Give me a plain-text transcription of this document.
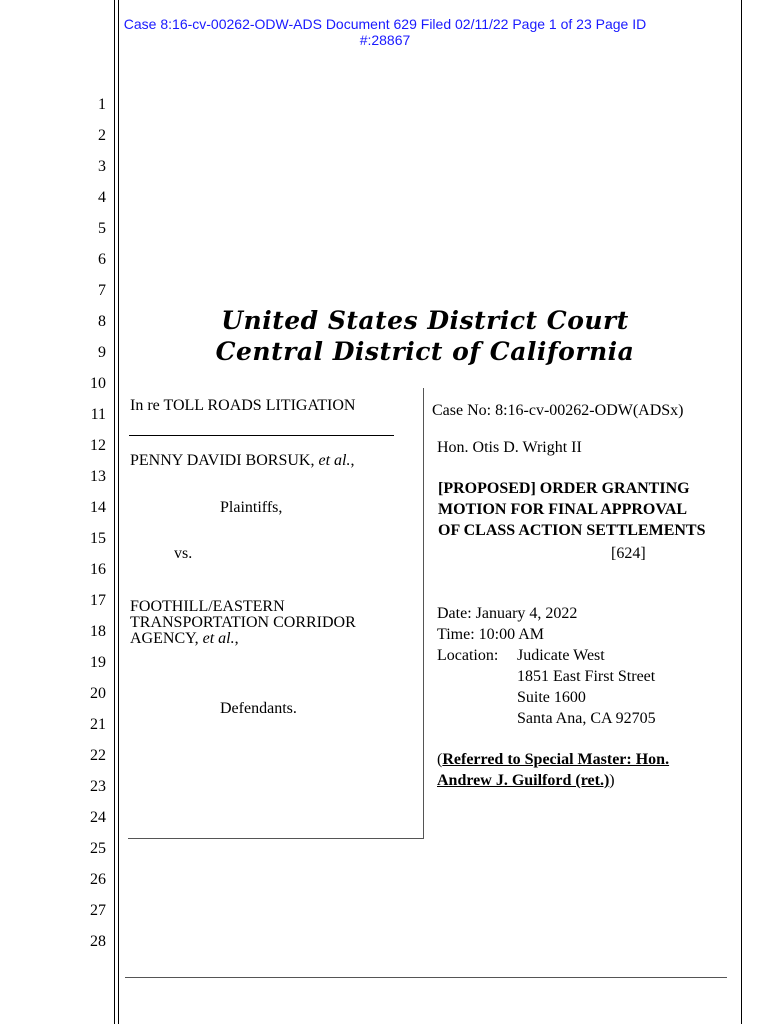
Case 8:16-cv-00262-ODW-ADS Document 629 Filed 02/11/22 Page 1 of 23 Page ID
#:28867
1
2
3
4
5
6
7
8
9
10
11
12
13
14
15
16
17
18
19
20
21
22
23
24
25
26
27
28
United States District Court
Central District of California
In re TOLL ROADS LITIGATION
PENNY DAVIDI BORSUK, et al.,
Plaintiffs,
vs.
FOOTHILL/EASTERN
TRANSPORTATION CORRIDOR
AGENCY, et al.,
Defendants.
Case No: 8:16-cv-00262-ODW(ADSx)
Hon. Otis D. Wright II
[PROPOSED] ORDER GRANTING
MOTION FOR FINAL APPROVAL
OF CLASS ACTION SETTLEMENTS
[624]
Date: January 4, 2022
Time: 10:00 AM
Location: Judicate West
1851 East First Street
Suite 1600
Santa Ana, CA 92705
(Referred to Special Master: Hon.
Andrew J. Guilford (ret.))
